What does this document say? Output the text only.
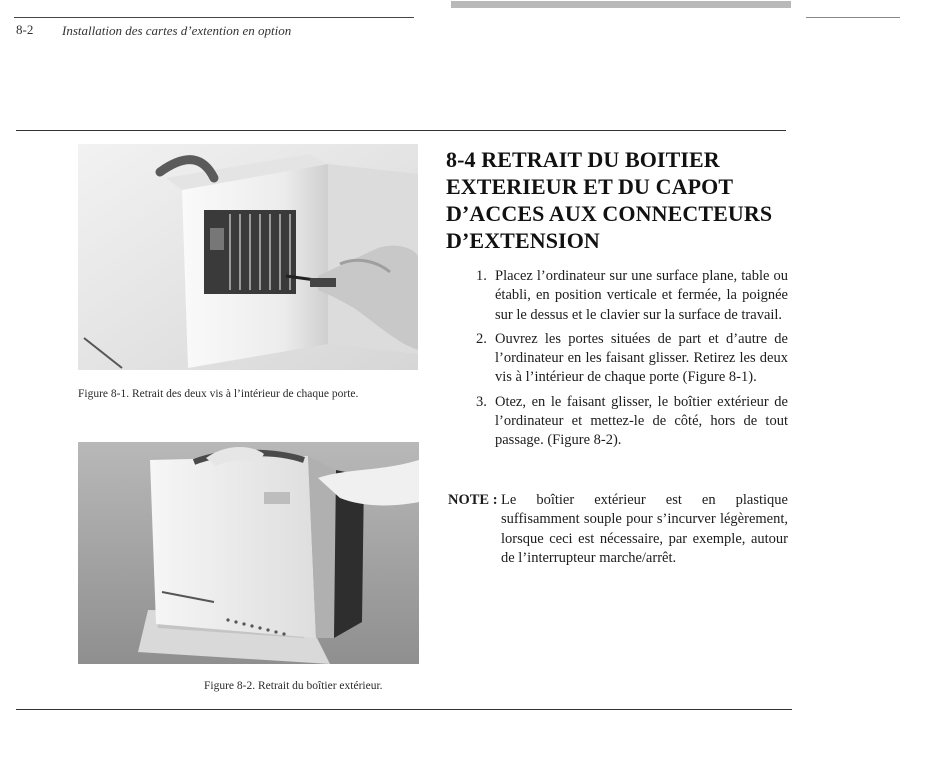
8-2 Installation des cartes d’extention en option
Figure 8-1. Retrait des deux vis à l’intérieur de chaque porte.
Figure 8-2. Retrait du boîtier extérieur.
8-4 RETRAIT DU BOITIER
EXTERIEUR ET DU CAPOT
D’ACCES AUX CONNECTEURS
D’EXTENSION
1. Placez l’ordinateur sur une surface plane, table ou établi, en position verticale et fermée, la poignée sur le dessus et le clavier sur la surface de travail.
2. Ouvrez les portes situées de part et d’autre de l’ordinateur en les faisant glisser. Retirez les deux vis à l’intérieur de chaque porte (Figure 8-1).
3. Otez, en le faisant glisser, le boîtier extérieur de l’ordinateur et mettez-le de côté, hors de tout passage. (Figure 8-2).
NOTE : Le boîtier extérieur est en plastique suffisamment souple pour s’incurver légèrement, lorsque ceci est nécessaire, par exemple, autour de l’interrupteur marche/arrêt.
